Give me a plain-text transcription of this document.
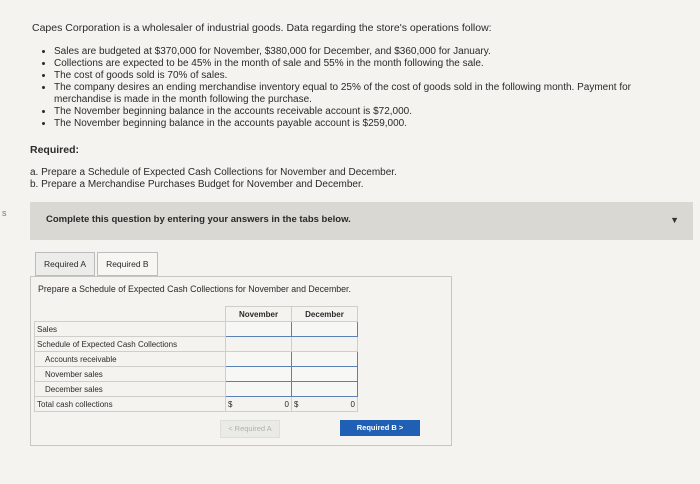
Capes Corporation is a wholesaler of industrial goods. Data regarding the store's operations follow:
• Sales are budgeted at $370,000 for November, $380,000 for December, and $360,000 for January.
• Collections are expected to be 45% in the month of sale and 55% in the month following the sale.
• The cost of goods sold is 70% of sales.
• The company desires an ending merchandise inventory equal to 25% of the cost of goods sold in the following month. Payment for merchandise is made in the month following the purchase.
• The November beginning balance in the accounts receivable account is $72,000.
• The November beginning balance in the accounts payable account is $259,000.
Required:
a. Prepare a Schedule of Expected Cash Collections for November and December.
b. Prepare a Merchandise Purchases Budget for November and December.
s
Complete this question by entering your answers in the tabs below.	▼
Required A	Required B
Prepare a Schedule of Expected Cash Collections for November and December.
	November	December
Sales		
Schedule of Expected Cash Collections		
Accounts receivable		
November sales		
December sales		
Total cash collections	$ 0	$ 0
< Required A	Required B >
